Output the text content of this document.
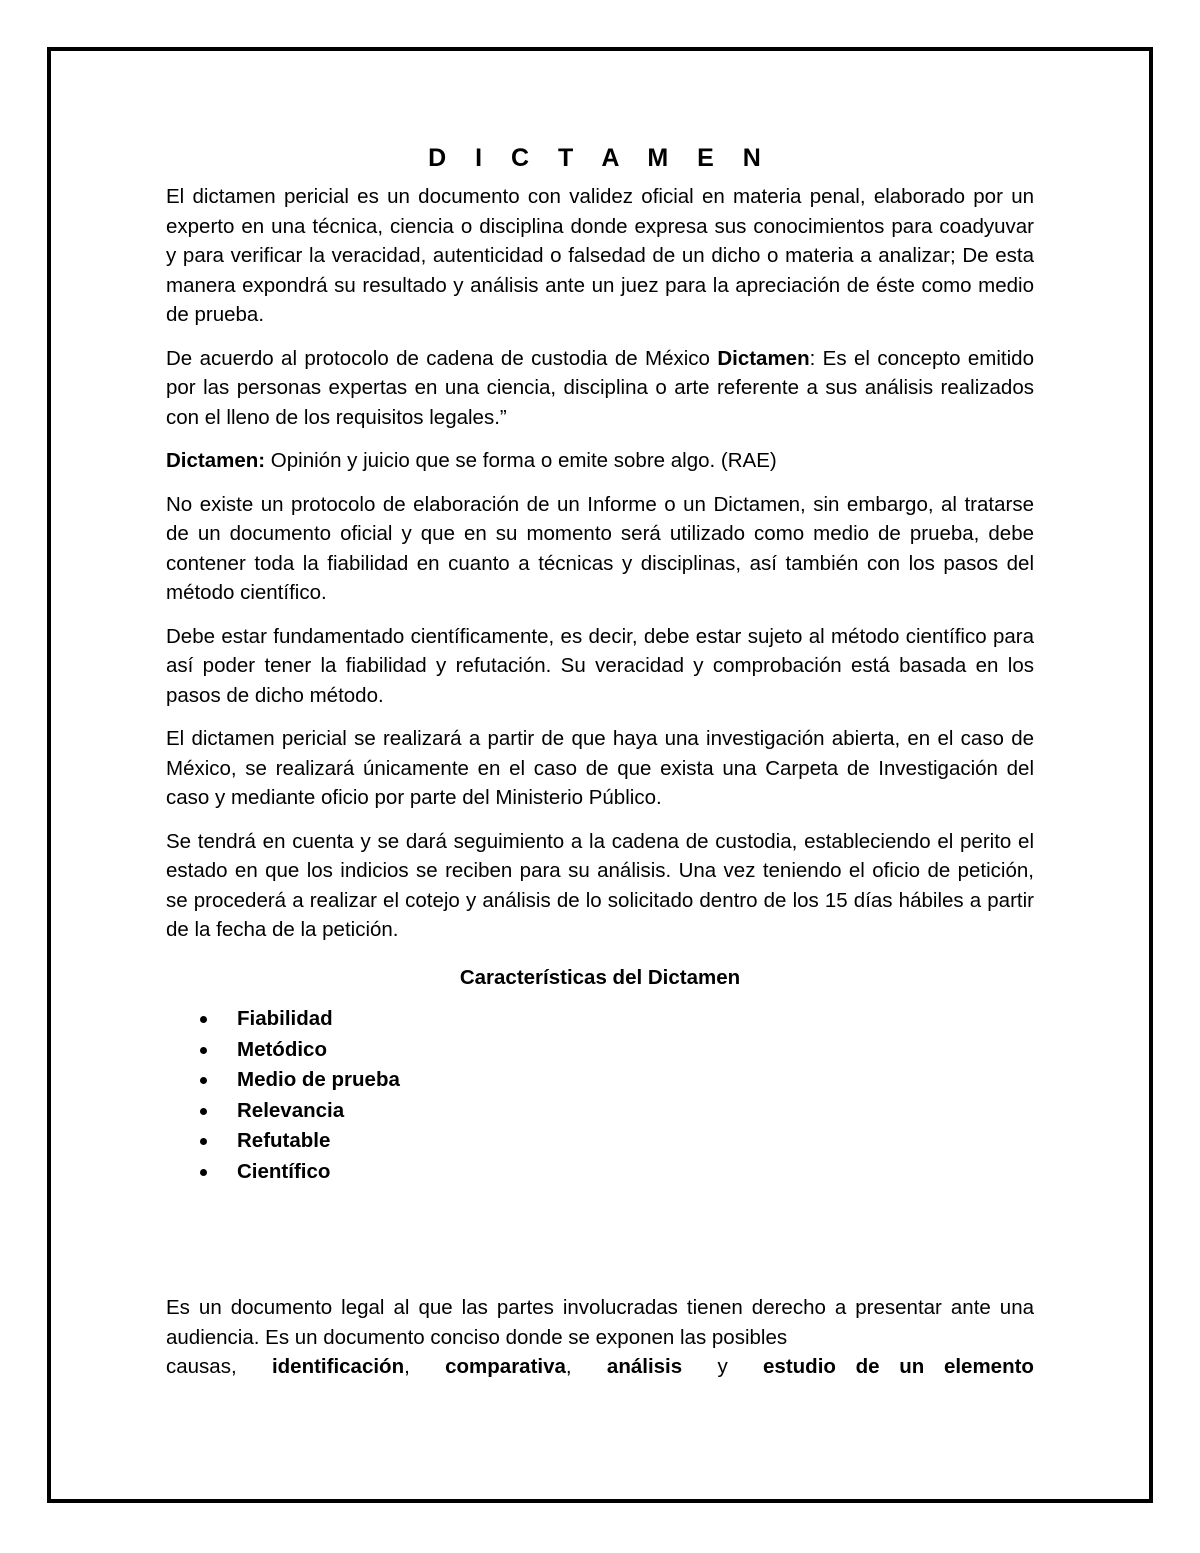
D I C T A M E N

El dictamen pericial es un documento con validez oficial en materia penal, elaborado por un experto en una técnica, ciencia o disciplina donde expresa sus conocimientos para coadyuvar y para verificar la veracidad, autenticidad o falsedad de un dicho o materia a analizar; De esta manera expondrá su resultado y análisis ante un juez para la apreciación de éste como medio de prueba.

De acuerdo al protocolo de cadena de custodia de México Dictamen: Es el concepto emitido por las personas expertas en una ciencia, disciplina o arte referente a sus análisis realizados con el lleno de los requisitos legales.”

Dictamen: Opinión y juicio que se forma o emite sobre algo. (RAE)

No existe un protocolo de elaboración de un Informe o un Dictamen, sin embargo, al tratarse de un documento oficial y que en su momento será utilizado como medio de prueba, debe contener toda la fiabilidad en cuanto a técnicas y disciplinas, así también con los pasos del método científico.

Debe estar fundamentado científicamente, es decir, debe estar sujeto al método científico para así poder tener la fiabilidad y refutación. Su veracidad y comprobación está basada en los pasos de dicho método.

El dictamen pericial se realizará a partir de que haya una investigación abierta, en el caso de México, se realizará únicamente en el caso de que exista una Carpeta de Investigación del caso y mediante oficio por parte del Ministerio Público.

Se tendrá en cuenta y se dará seguimiento a la cadena de custodia, estableciendo el perito el estado en que los indicios se reciben para su análisis. Una vez teniendo el oficio de petición, se procederá a realizar el cotejo y análisis de lo solicitado dentro de los 15 días hábiles a partir de la fecha de la petición.

Características del Dictamen
Fiabilidad
Metódico
Medio de prueba
Relevancia
Refutable
Científico

Es un documento legal al que las partes involucradas tienen derecho a presentar ante una audiencia. Es un documento conciso donde se exponen las posibles

causas, identificación, comparativa, análisis y estudio de un elemento
